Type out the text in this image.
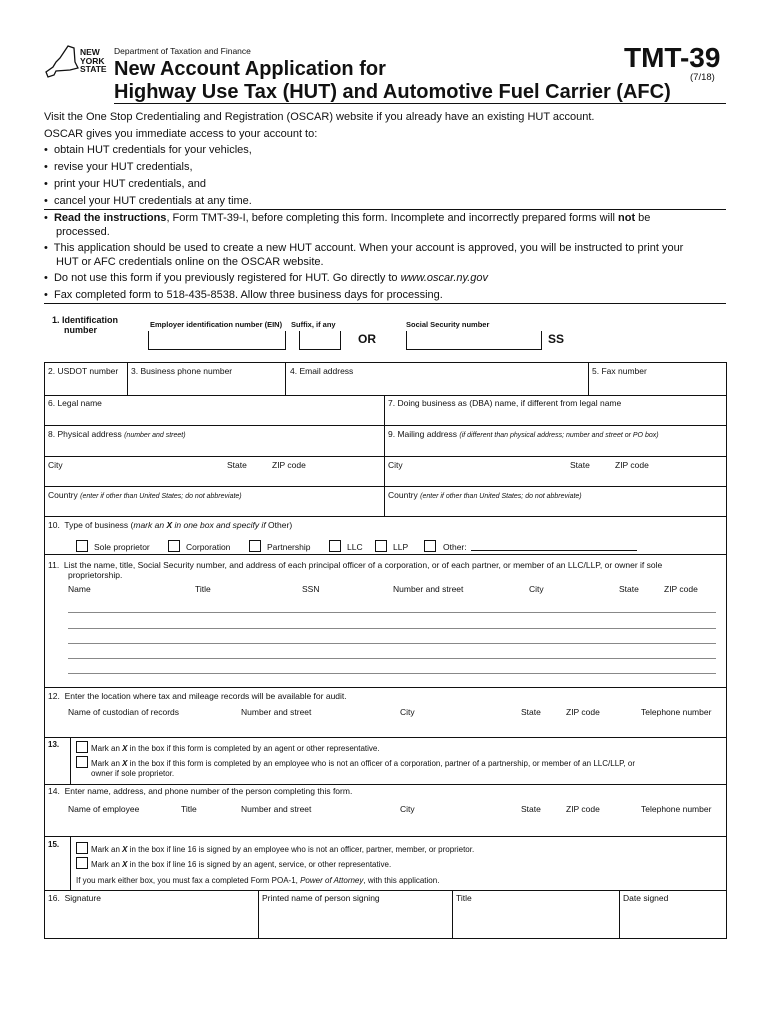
NEW
YORK
STATE
Department of Taxation and Finance
New Account Application for
Highway Use Tax (HUT) and Automotive Fuel Carrier (AFC)
TMT-39
(7/18)
Visit the One Stop Credentialing and Registration (OSCAR) website if you already have an existing HUT account.
OSCAR gives you immediate access to your account to:
•  obtain HUT credentials for your vehicles,
•  revise your HUT credentials,
•  print your HUT credentials, and
•  cancel your HUT credentials at any time.
•  Read the instructions, Form TMT-39-I, before completing this form. Incomplete and incorrectly prepared forms will not be
processed.
•  This application should be used to create a new HUT account. When your account is approved, you will be instructed to print your
HUT or AFC credentials online on the OSCAR website.
•  Do not use this form if you previously registered for HUT. Go directly to www.oscar.ny.gov
•  Fax completed form to 518-435-8538. Allow three business days for processing.
1. Identification
number
Employer identification number (EIN) Suffix, if any
OR
Social Security number
SS
2. USDOT number 3. Business phone number	4. Email address	5. Fax number
6. Legal name	7. Doing business as (DBA) name, if different from legal name
8. Physical address (number and street)	9. Mailing address (if different than physical address; number and street or PO box)
City	State	ZIP code	City	State	ZIP code
Country (enter if other than United States; do not abbreviate)	Country (enter if other than United States; do not abbreviate)
10.  Type of business (mark an X in one box and specify if Other)
Sole proprietor	Corporation	Partnership	LLC	LLP	Other:
11. List the name, title, Social Security number, and address of each principal officer of a corporation, or of each partner, or member of an LLC/LLP, or owner if sole
proprietorship.
Name	Title	SSN	Number and street	City	State	ZIP code
12. Enter the location where tax and mileage records will be available for audit.
Name of custodian of records	Number and street	City	State	ZIP code	Telephone number
13.	Mark an X in the box if this form is completed by an agent or other representative.
Mark an X in the box if this form is completed by an employee who is not an officer of a corporation, partner of a partnership, or member of an LLC/LLP, or
owner if sole proprietor.
14. Enter name, address, and phone number of the person completing this form.
Name of employee	Title	Number and street	City	State	ZIP code	Telephone number
15.
Mark an X in the box if line 16 is signed by an employee who is not an officer, partner, member, or proprietor.
Mark an X in the box if line 16 is signed by an agent, service, or other representative.
If you mark either box, you must fax a completed Form POA-1, Power of Attorney, with this application.
16. Signature	Printed name of person signing	Title	Date signed
